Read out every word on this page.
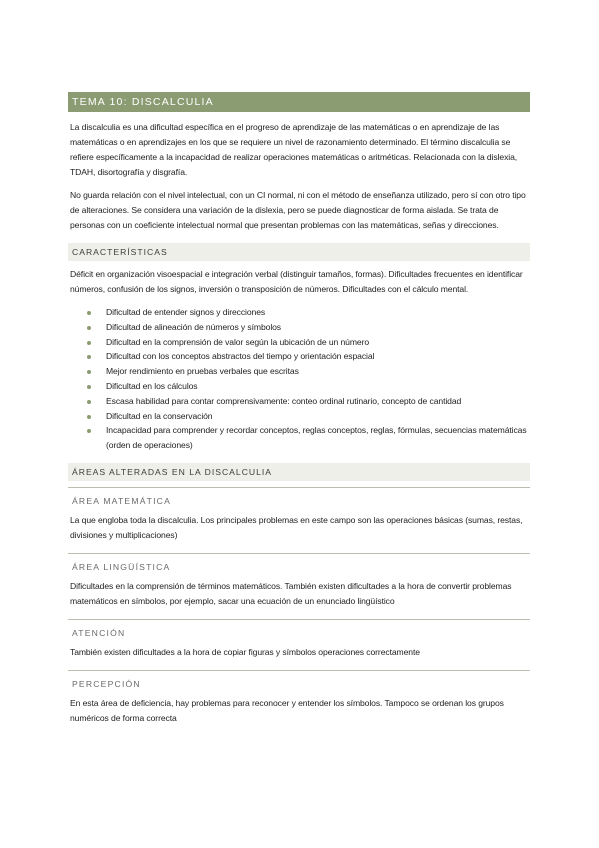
TEMA 10: DISCALCULIA

La discalculia es una dificultad específica en el progreso de aprendizaje de las matemáticas o en aprendizaje de las matemáticas o en aprendizajes en los que se requiere un nivel de razonamiento determinado. El término discalculia se refiere específicamente a la incapacidad de realizar operaciones matemáticas o aritméticas. Relacionada con la dislexia, TDAH, disortografía y disgrafía.

No guarda relación con el nivel intelectual, con un CI normal, ni con el método de enseñanza utilizado, pero sí con otro tipo de alteraciones. Se considera una variación de la dislexia, pero se puede diagnosticar de forma aislada. Se trata de personas con un coeficiente intelectual normal que presentan problemas con las matemáticas, señas y direcciones.

CARACTERÍSTICAS

Déficit en organización visoespacial e integración verbal (distinguir tamaños, formas). Dificultades frecuentes en identificar números, confusión de los signos, inversión o transposición de números. Dificultades con el cálculo mental.

Dificultad de entender signos y direcciones
Dificultad de alineación de números y símbolos
Dificultad en la comprensión de valor según la ubicación de un número
Dificultad con los conceptos abstractos del tiempo y orientación espacial
Mejor rendimiento en pruebas verbales que escritas
Dificultad en los cálculos
Escasa habilidad para contar comprensivamente: conteo ordinal rutinario, concepto de cantidad
Dificultad en la conservación
Incapacidad para comprender y recordar conceptos, reglas conceptos, reglas, fórmulas, secuencias matemáticas (orden de operaciones)
ÁREAS ALTERADAS EN LA DISCALCULIA
ÁREA MATEMÁTICA

La que engloba toda la discalculia. Los principales problemas en este campo son las operaciones básicas (sumas, restas, divisiones y multiplicaciones)

ÁREA LINGÜÍSTICA

Dificultades en la comprensión de términos matemáticos. También existen dificultades a la hora de convertir problemas matemáticos en símbolos, por ejemplo, sacar una ecuación de un enunciado lingüístico

ATENCIÓN

También existen dificultades a la hora de copiar figuras y símbolos operaciones correctamente

PERCEPCIÓN

En esta área de deficiencia, hay problemas para reconocer y entender los símbolos. Tampoco se ordenan los grupos numéricos de forma correcta
